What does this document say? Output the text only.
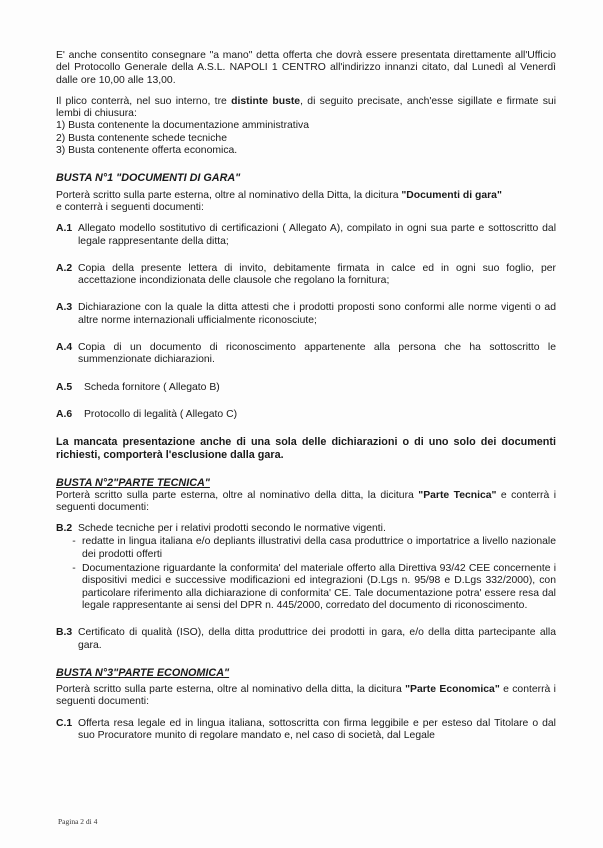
E' anche consentito consegnare "a mano" detta offerta che dovrà essere presentata direttamente all'Ufficio del Protocollo Generale della A.S.L. NAPOLI 1 CENTRO all'indirizzo innanzi citato, dal Lunedì al Venerdì dalle ore 10,00 alle 13,00.

Il plico conterrà, nel suo interno, tre distinte buste, di seguito precisate, anch'esse sigillate e firmate sui lembi di chiusura:

1) Busta contenente la documentazione amministrativa

2) Busta contenente schede tecniche

3) Busta contenente offerta economica.

BUSTA N°1 "DOCUMENTI DI GARA"

Porterà scritto sulla parte esterna, oltre al nominativo della Ditta, la dicitura "Documenti di gara"

e conterrà i seguenti documenti:

A.1 Allegato modello sostitutivo di certificazioni ( Allegato A), compilato in ogni sua parte e sottoscritto dal legale rappresentante della ditta;
A.2 Copia della presente lettera di invito, debitamente firmata in calce ed in ogni suo foglio, per accettazione incondizionata delle clausole che regolano la fornitura;
A.3 Dichiarazione con la quale la ditta attesti che i prodotti proposti sono conformi alle norme vigenti o ad altre norme internazionali ufficialmente riconosciute;
A.4 Copia di un documento di riconoscimento appartenente alla persona che ha sottoscritto le summenzionate dichiarazioni.
A.5	Scheda fornitore ( Allegato B)
A.6	Protocollo di legalità ( Allegato C)

La mancata presentazione anche di una sola delle dichiarazioni o di uno solo dei documenti richiesti, comporterà l'esclusione dalla gara.

BUSTA N°2"PARTE TECNICA"

Porterà scritto sulla parte esterna, oltre al nominativo della ditta, la dicitura "Parte Tecnica" e conterrà i seguenti documenti:

B.2 Schede tecniche per i relativi prodotti secondo le normative vigenti.
- redatte in lingua italiana e/o depliants illustrativi della casa produttrice o importatrice a livello nazionale dei prodotti offerti
- Documentazione riguardante la conformita' del materiale offerto alla Direttiva 93/42 CEE concernente i dispositivi medici e successive modificazioni ed integrazioni (D.Lgs n. 95/98 e D.Lgs 332/2000), con particolare riferimento alla dichiarazione di conformita' CE. Tale documentazione potra' essere resa dal legale rappresentante ai sensi del DPR n. 445/2000, corredato del documento di riconoscimento.
B.3 Certificato di qualità (ISO), della ditta produttrice dei prodotti in gara, e/o della ditta partecipante alla gara.

BUSTA N°3"PARTE ECONOMICA"

Porterà scritto sulla parte esterna, oltre al nominativo della ditta, la dicitura "Parte Economica" e conterrà i seguenti documenti:

C.1 Offerta resa legale ed in lingua italiana, sottoscritta con firma leggibile e per esteso dal Titolare o dal suo Procuratore munito di regolare mandato e, nel caso di società, dal Legale
Pagina 2 di 4
